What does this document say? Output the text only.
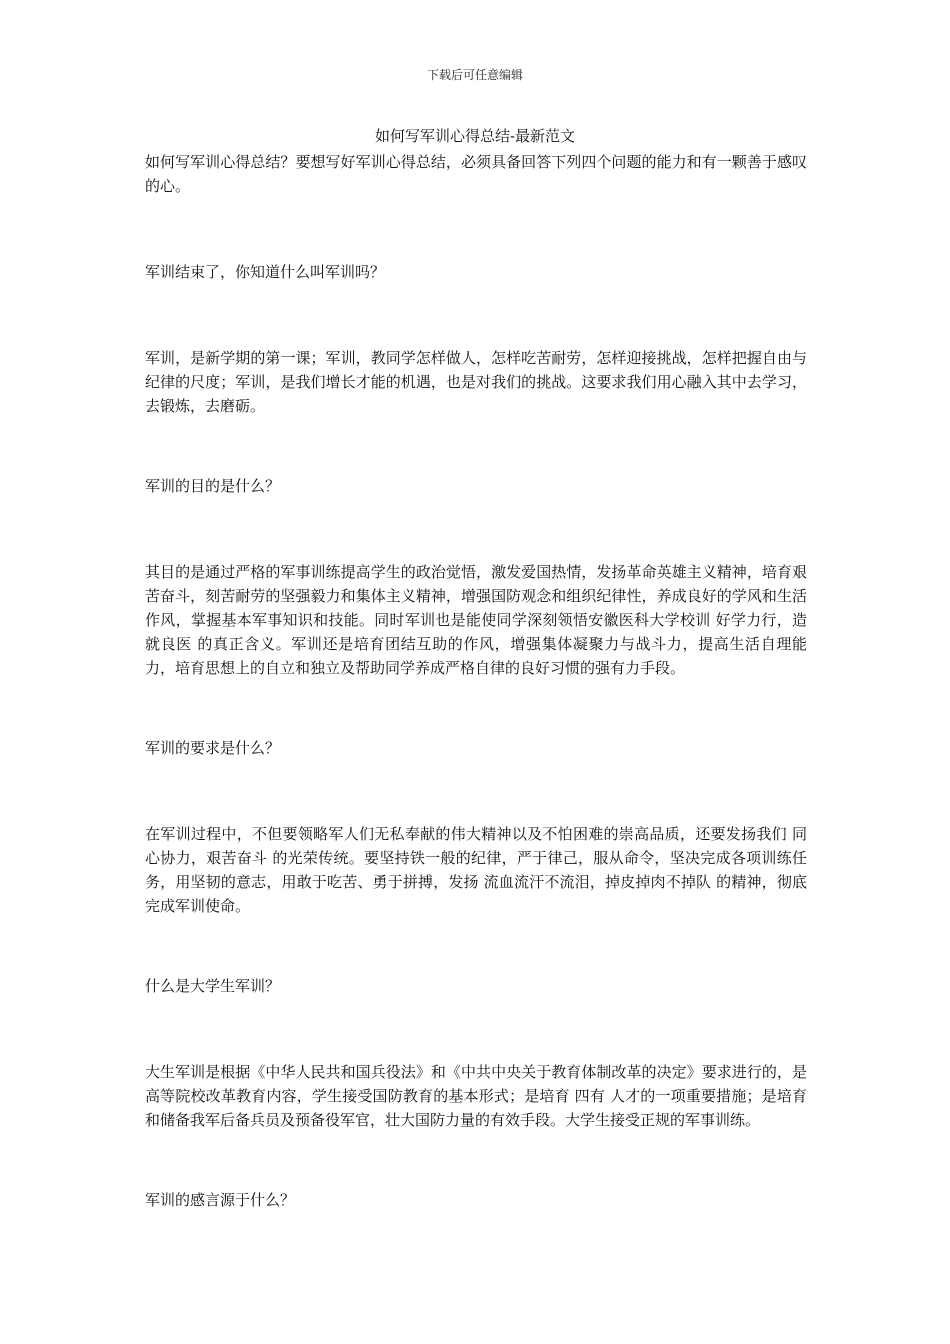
下载后可任意编辑
如何写军训心得总结-最新范文

如何写军训心得总结？要想写好军训心得总结，必须具备回答下列四个问题的能力和有一颗善于感叹的心。

军训结束了，你知道什么叫军训吗？

军训，是新学期的第一课；军训，教同学怎样做人，怎样吃苦耐劳，怎样迎接挑战，怎样把握自由与纪律的尺度；军训，是我们增长才能的机遇，也是对我们的挑战。这要求我们用心融入其中去学习，去锻炼，去磨砺。

军训的目的是什么？

其目的是通过严格的军事训练提高学生的政治觉悟，激发爱国热情，发扬革命英雄主义精神，培育艰苦奋斗，刻苦耐劳的坚强毅力和集体主义精神，增强国防观念和组织纪律性，养成良好的学风和生活作风，掌握基本军事知识和技能。同时军训也是能使同学深刻领悟安徽医科大学校训 好学力行，造就良医 的真正含义。军训还是培育团结互助的作风，增强集体凝聚力与战斗力，提高生活自理能力，培育思想上的自立和独立及帮助同学养成严格自律的良好习惯的强有力手段。

军训的要求是什么？

在军训过程中，不但要领略军人们无私奉献的伟大精神以及不怕困难的崇高品质，还要发扬我们 同心协力，艰苦奋斗 的光荣传统。要坚持铁一般的纪律，严于律己，服从命令，坚决完成各项训练任务，用坚韧的意志，用敢于吃苦、勇于拼搏，发扬 流血流汗不流泪，掉皮掉肉不掉队 的精神，彻底完成军训使命。

什么是大学生军训？

大生军训是根据《中华人民共和国兵役法》和《中共中央关于教育体制改革的决定》要求进行的，是高等院校改革教育内容，学生接受国防教育的基本形式；是培育 四有 人才的一项重要措施；是培育和储备我军后备兵员及预备役军官，壮大国防力量的有效手段。大学生接受正规的军事训练。

军训的感言源于什么？
